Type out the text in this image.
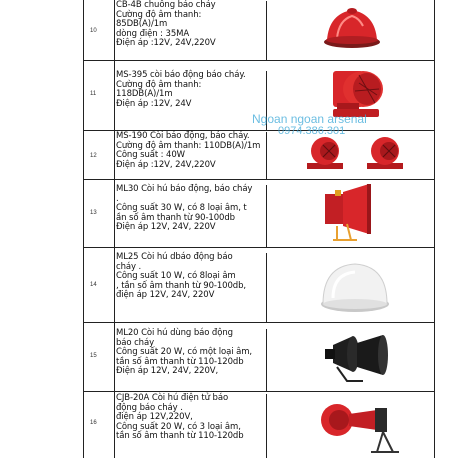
10
CB-4B chuông báo cháy
Cường độ âm thanh:
85DB(A)/1m
dòng điện : 35MA
Điện áp :12V, 24V,220V
11
MS-395 còi báo động báo cháy.
Cường độ âm thanh:
118DB(A)/1m
Điện áp :12V, 24V
12
MS-190 Còi báo động, báo cháy.
Cường độ âm thanh: 110DB(A)/1m
Công suất : 40W
Điện áp :12V, 24V,220V
13
ML30 Còi hú báo động, báo cháy
.
Công suất 30 W, có 8 loại âm, t
ần số âm thanh từ 90-100db
Điện áp 12V, 24V, 220V
14
ML25 Còi hú dbáo động báo
cháy .
Công suất 10 W, có 8loại âm
, tần số âm thanh từ 90-100db,
điện áp 12V, 24V, 220V
15
ML20 Còi hú dùng báo động
báo cháy
Công suất 20 W, có một loại âm,
tần số âm thanh từ 110-120db
Điện áp 12V, 24V, 220V,
16
CJB-20A Còi hú điện tử báo
động báo cháy .
điện áp 12V,220V,
Công suất 20 W, có 3 loại âm,
tần số âm thanh từ 110-120db
Ngoan ngoan arsenal
0974.386.301
